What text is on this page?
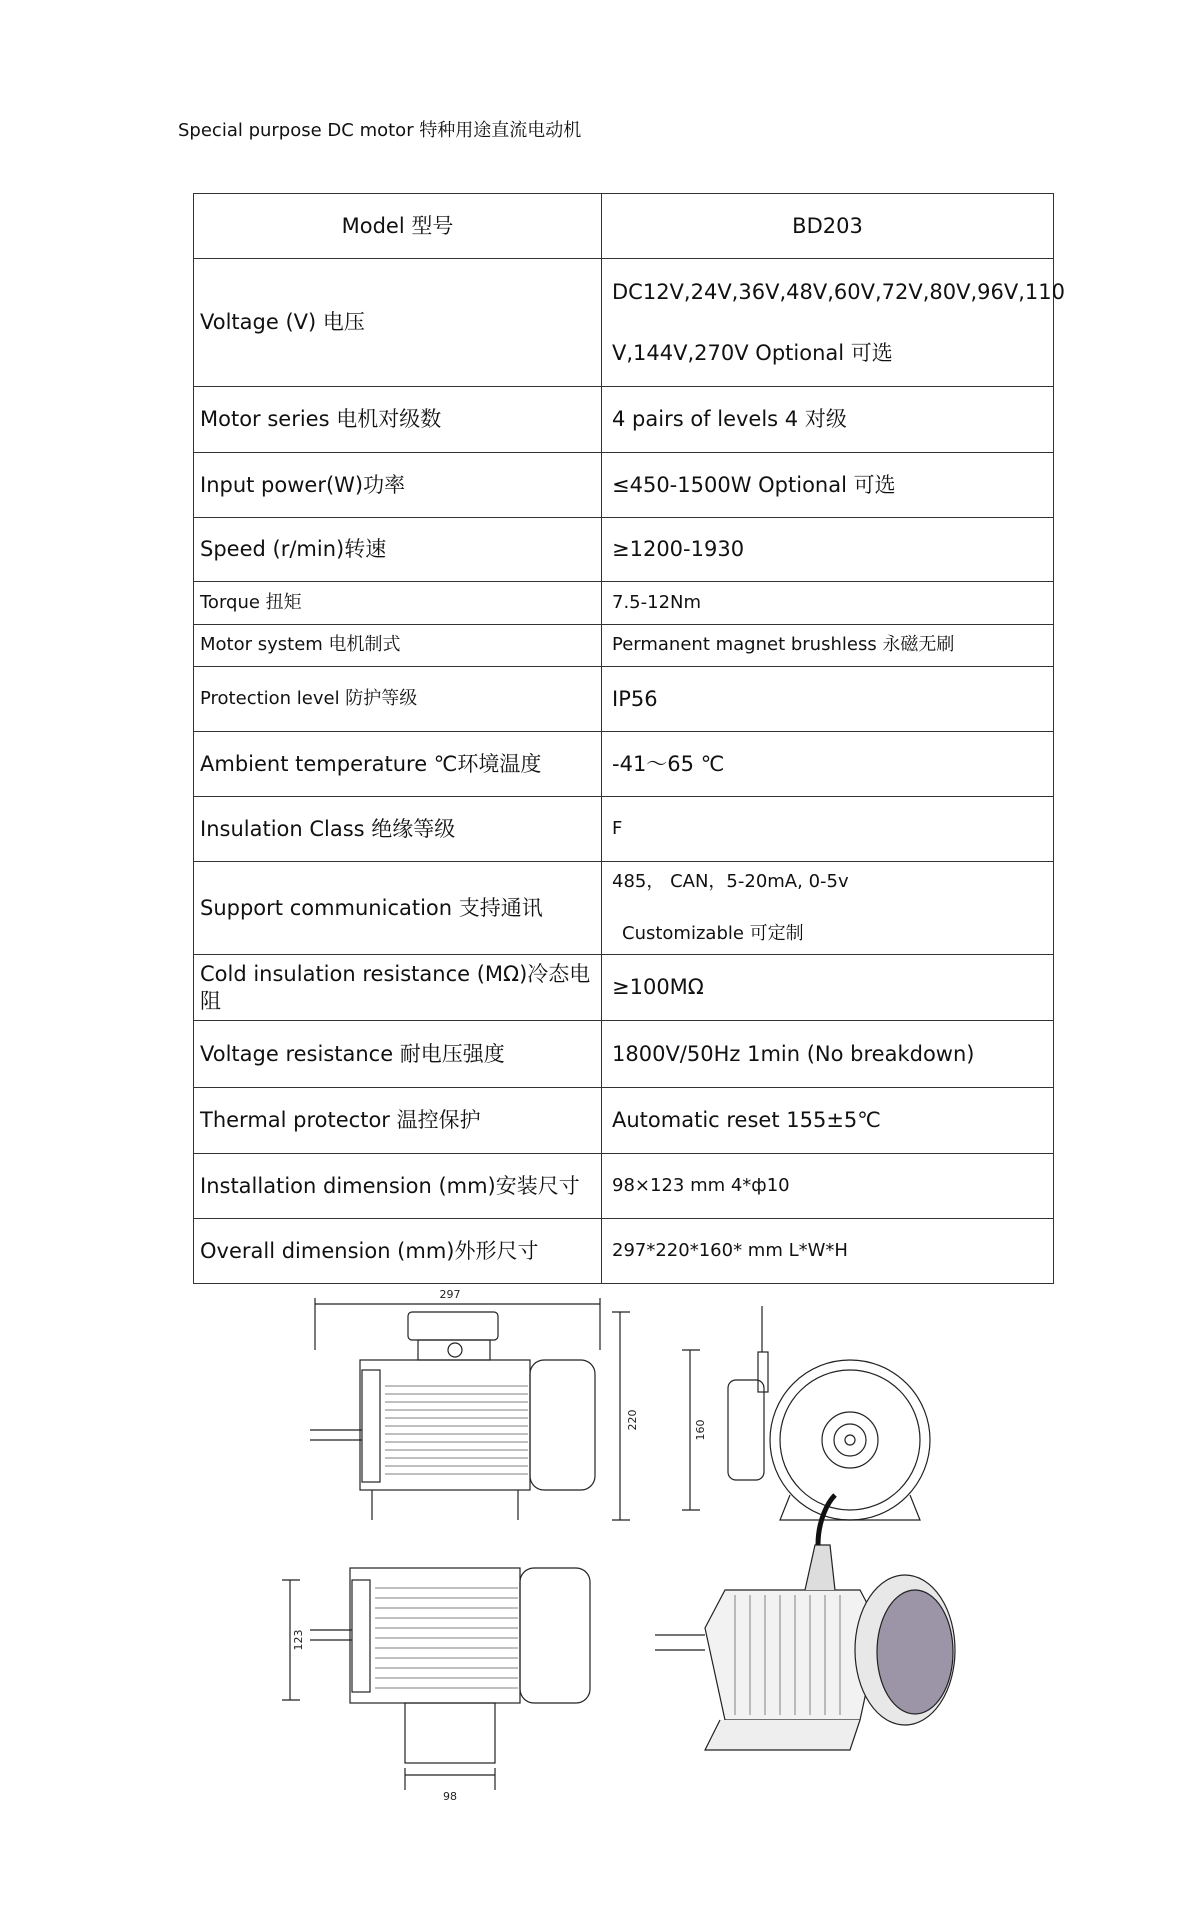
Special purpose DC motor 特种用途直流电动机
Model 型号	BD203
Voltage (V) 电压	DC12V,24V,36V,48V,60V,72V,80V,96V,110
V,144V,270V Optional 可选

Motor series 电机对级数	4 pairs of levels 4 对级
Input power(W)功率	≤450-1500W Optional 可选
Speed (r/min)转速	≥1200-1930
Torque 扭矩	7.5-12Nm
Motor system 电机制式	Permanent magnet brushless 永磁无刷
Protection level 防护等级	IP56
Ambient temperature ℃环境温度	-41～65 ℃
Insulation Class 绝缘等级	F
Support communication 支持通讯	485， CAN，5-20mA, 0-5v
Customizable 可定制

Cold insulation resistance (MΩ)冷态电阻	≥100MΩ
Voltage resistance 耐电压强度	1800V/50Hz 1min (No breakdown)
Thermal protector 温控保护	Automatic reset 155±5℃
Installation dimension (mm)安装尺寸	98×123 mm 4*ф10
Overall dimension (mm)外形尺寸	297*220*160* mm L*W*H
297
220	160
123
98
